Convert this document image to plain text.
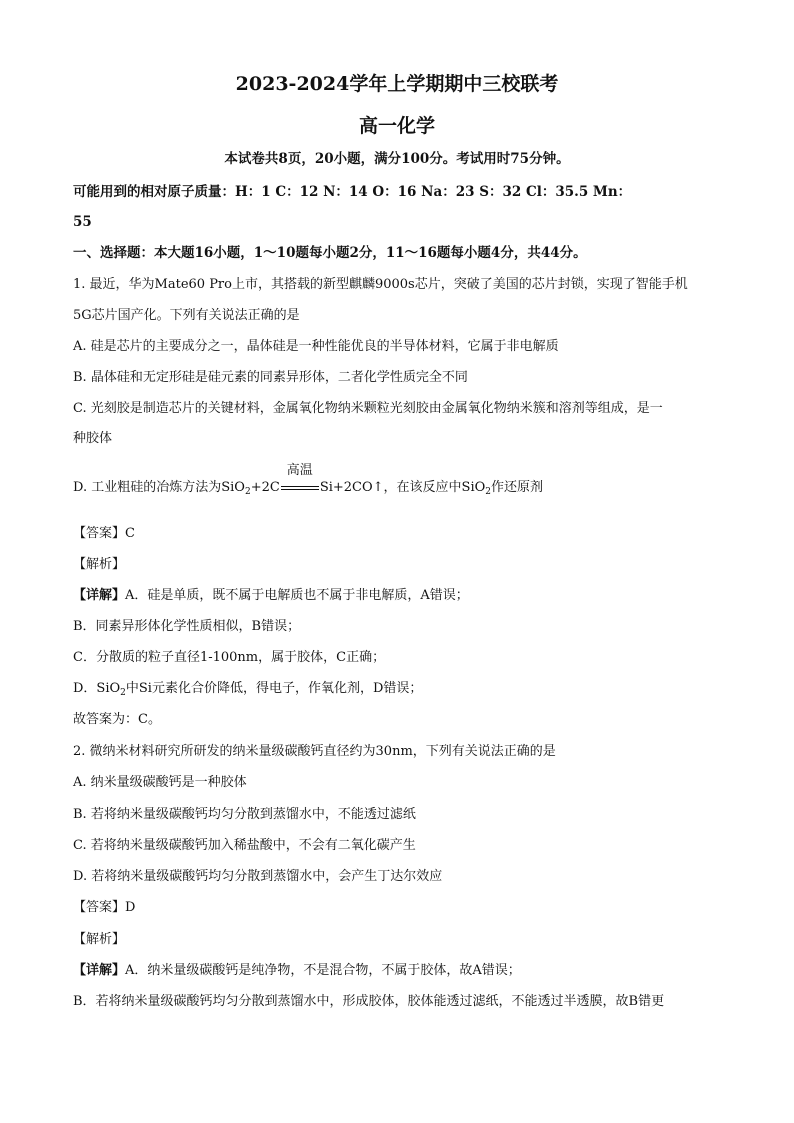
2023-2024学年上学期期中三校联考
高一化学
本试卷共8页，20小题，满分100分。考试用时75分钟。
可能用到的相对原子质量：H：1 C：12 N：14 O：16 Na：23 S：32 Cl：35.5 Mn：
55
一、选择题：本大题16小题，1～10题每小题2分，11～16题每小题4分，共44分。
1. 最近，华为Mate60 Pro上市，其搭载的新型麒麟9000s芯片，突破了美国的芯片封锁，实现了智能手机
5G芯片国产化。下列有关说法正确的是
A. 硅是芯片的主要成分之一，晶体硅是一种性能优良的半导体材料，它属于非电解质
B. 晶体硅和无定形硅是硅元素的同素异形体，二者化学性质完全不同
C. 光刻胶是制造芯片的关键材料，金属氧化物纳米颗粒光刻胶由金属氧化物纳米簇和溶剂等组成，是一
种胶体
D. 工业粗硅的冶炼方法为SiO$_2$+2C
高温
Si+2CO↑，在该反应中SiO$_2$作还原剂
【答案】C
【解析】
【详解】A．硅是单质，既不属于电解质也不属于非电解质，A错误；
B．同素异形体化学性质相似，B错误；
C．分散质的粒子直径1-100nm，属于胶体，C正确；
D．SiO$_2$中Si元素化合价降低，得电子，作氧化剂，D错误；
故答案为：C。
2. 微纳米材料研究所研发的纳米量级碳酸钙直径约为30nm，下列有关说法正确的是
A. 纳米量级碳酸钙是一种胶体
B. 若将纳米量级碳酸钙均匀分散到蒸馏水中，不能透过滤纸
C. 若将纳米量级碳酸钙加入稀盐酸中，不会有二氧化碳产生
D. 若将纳米量级碳酸钙均匀分散到蒸馏水中，会产生丁达尔效应
【答案】D
【解析】
【详解】A．纳米量级碳酸钙是纯净物，不是混合物，不属于胶体，故A错误；
B．若将纳米量级碳酸钙均匀分散到蒸馏水中，形成胶体，胶体能透过滤纸，不能透过半透膜，故B错更
